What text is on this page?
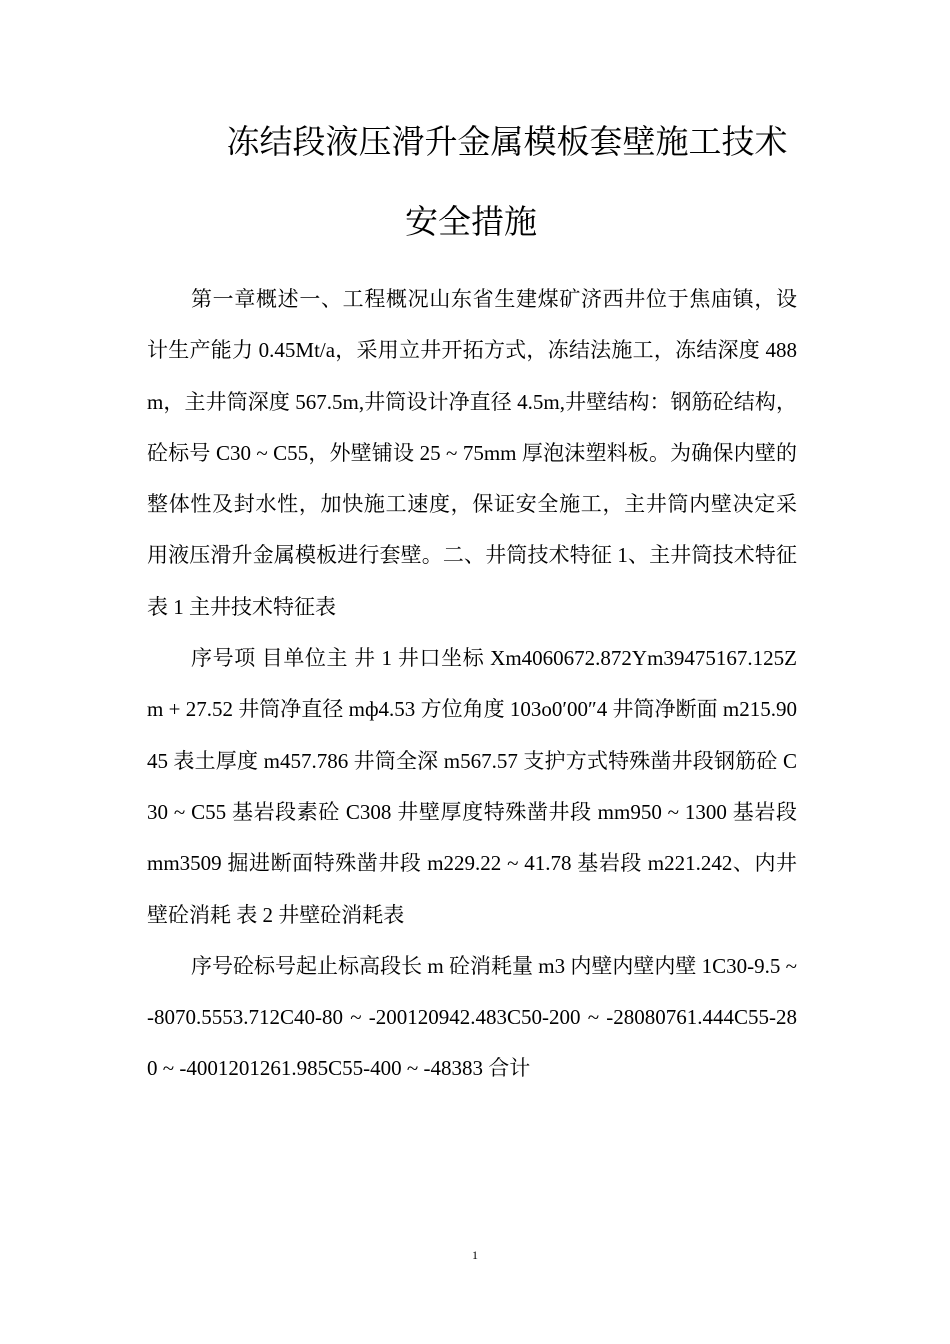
冻结段液压滑升金属模板套壁施工技术
安全措施

第一章概述一、工程概况山东省生建煤矿济西井位于焦庙镇，设计生产能力 0.45Mt/a，采用立井开拓方式，冻结法施工，冻结深度 488m，主井筒深度 567.5m,井筒设计净直径 4.5m,井壁结构：钢筋砼结构，砼标号 C30 ~ C55，外壁铺设 25 ~ 75mm 厚泡沫塑料板。为确保内壁的整体性及封水性，加快施工速度，保证安全施工，主井筒内壁决定采用液压滑升金属模板进行套壁。二、井筒技术特征 1、主井筒技术特征表 1 主井技术特征表

序号项 目单位主 井 1 井口坐标 Xm4060672.872Ym39475167.125Zm + 27.52 井筒净直径 mф4.53 方位角度 103o0′00″4 井筒净断面 m215.9045 表土厚度 m457.786 井筒全深 m567.57 支护方式特殊凿井段钢筋砼 C30 ~ C55 基岩段素砼 C308 井壁厚度特殊凿井段 mm950 ~ 1300 基岩段 mm3509 掘进断面特殊凿井段 m229.22 ~ 41.78 基岩段 m221.242、内井壁砼消耗 表 2 井壁砼消耗表

序号砼标号起止标高段长 m 砼消耗量 m3 内壁内壁内壁 1C30-9.5 ~ -8070.5553.712C40-80 ~ -200120942.483C50-200 ~ -28080761.444C55-280 ~ -4001201261.985C55-400 ~ -48383 合计

1
